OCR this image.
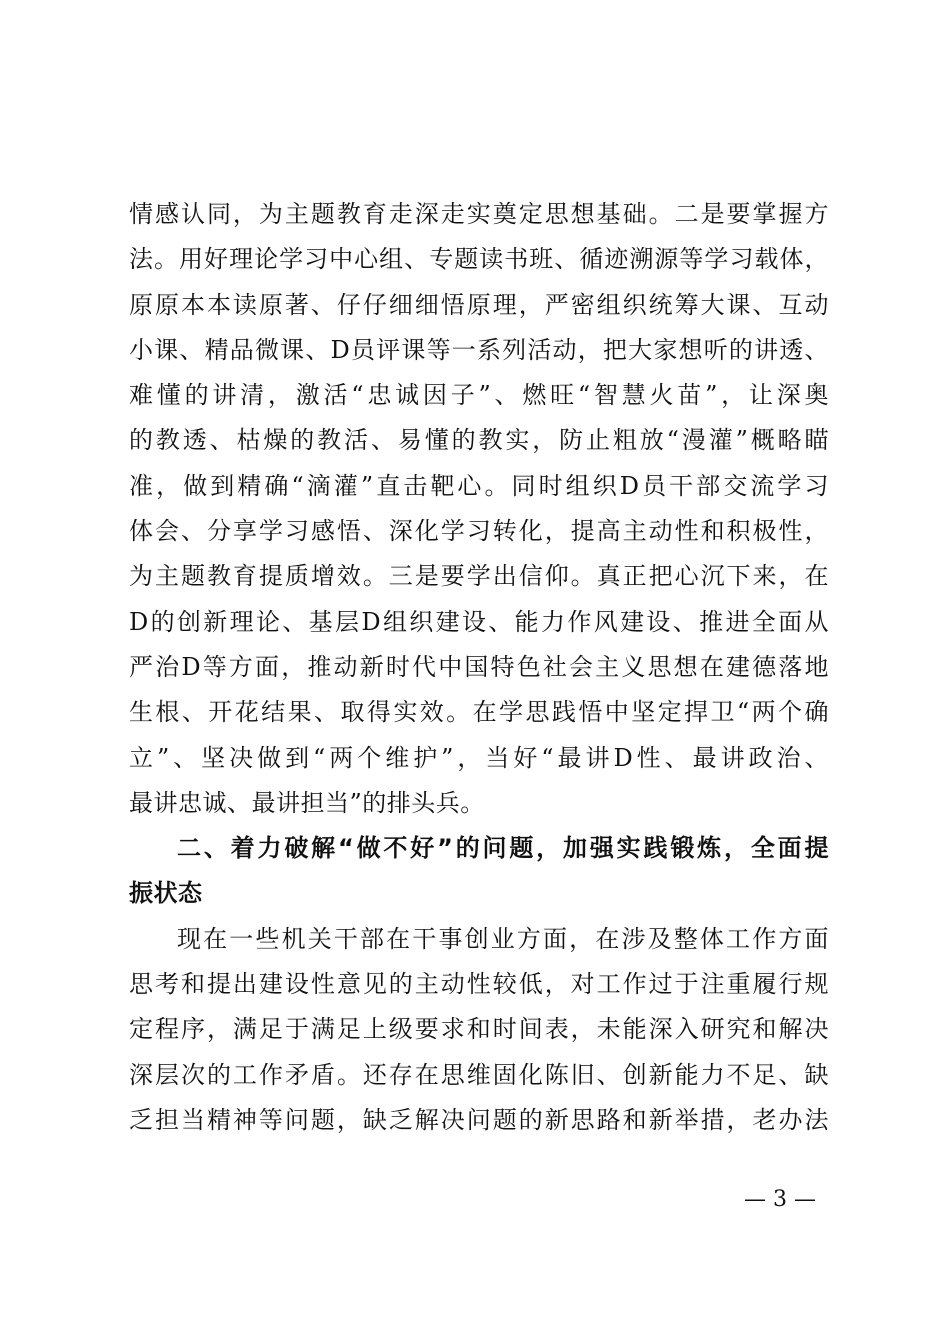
情感认同，为主题教育走深走实奠定思想基础。二是要掌握方
法。用好理论学习中心组、专题读书班、循迹溯源等学习载体，
原原本本读原著、仔仔细细悟原理，严密组织统筹大课、互动
小课、精品微课、D员评课等一系列活动，把大家想听的讲透、
难懂的讲清，激活“忠诚因子”、燃旺“智慧火苗”，让深奥
的教透、枯燥的教活、易懂的教实，防止粗放“漫灌”概略瞄
准，做到精确“滴灌”直击靶心。同时组织D员干部交流学习
体会、分享学习感悟、深化学习转化，提高主动性和积极性，
为主题教育提质增效。三是要学出信仰。真正把心沉下来，在
D的创新理论、基层D组织建设、能力作风建设、推进全面从
严治D等方面，推动新时代中国特色社会主义思想在建德落地
生根、开花结果、取得实效。在学思践悟中坚定捍卫“两个确
立”、坚决做到“两个维护”，当好“最讲D性、最讲政治、
最讲忠诚、最讲担当”的排头兵。
二、着力破解“做不好”的问题，加强实践锻炼，全面提
振状态
现在一些机关干部在干事创业方面，在涉及整体工作方面
思考和提出建设性意见的主动性较低，对工作过于注重履行规
定程序，满足于满足上级要求和时间表，未能深入研究和解决
深层次的工作矛盾。还存在思维固化陈旧、创新能力不足、缺
乏担当精神等问题，缺乏解决问题的新思路和新举措，老办法
— 3 —
